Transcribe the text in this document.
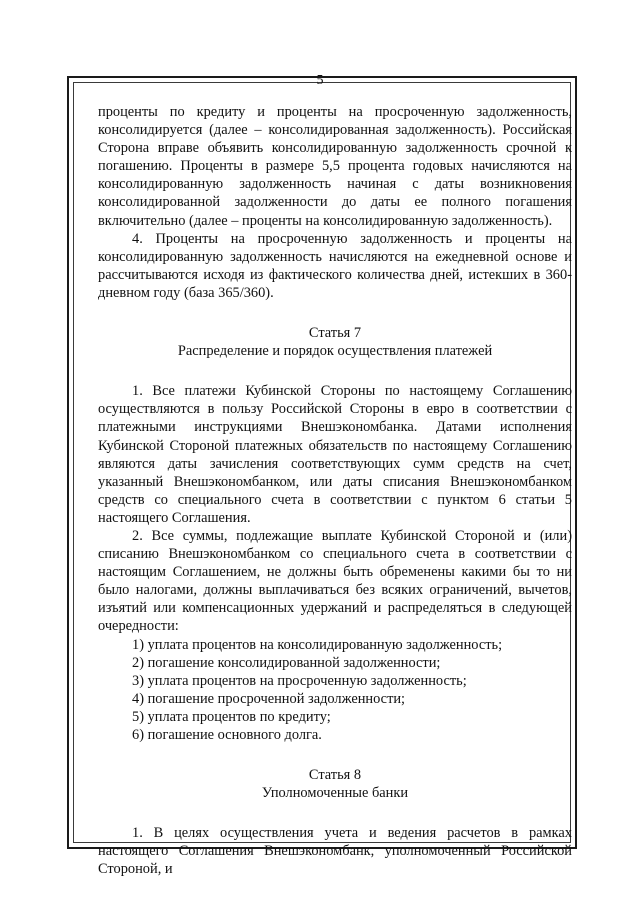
5

проценты по кредиту и проценты на просроченную задолженность, консолидируется (далее – консолидированная задолженность). Российская Сторона вправе объявить консолидированную задолженность срочной к погашению. Проценты в размере 5,5 процента годовых начисляются на консолидированную задолженность начиная с даты возникновения консолидированной задолженности до даты ее полного погашения включительно (далее – проценты на консолидированную задолженность).

4. Проценты на просроченную задолженность и проценты на консолидированную задолженность начисляются на ежедневной основе и рассчитываются исходя из фактического количества дней, истекших в 360-дневном году (база 365/360).

Статья 7

Распределение и порядок осуществления платежей

1. Все платежи Кубинской Стороны по настоящему Соглашению осуществляются в пользу Российской Стороны в евро в соответствии с платежными инструкциями Внешэкономбанка. Датами исполнения Кубинской Стороной платежных обязательств по настоящему Соглашению являются даты зачисления соответствующих сумм средств на счет, указанный Внешэкономбанком, или даты списания Внешэкономбанком средств со специального счета в соответствии с пунктом 6 статьи 5 настоящего Соглашения.

2. Все суммы, подлежащие выплате Кубинской Стороной и (или) списанию Внешэкономбанком со специального счета в соответствии с настоящим Соглашением, не должны быть обременены какими бы то ни было налогами, должны выплачиваться без всяких ограничений, вычетов, изъятий или компенсационных удержаний и распределяться в следующей очередности:

1) уплата процентов на консолидированную задолженность;

2) погашение консолидированной задолженности;

3) уплата процентов на просроченную задолженность;

4) погашение просроченной задолженности;

5) уплата процентов по кредиту;

6) погашение основного долга.

Статья 8

Уполномоченные банки

1. В целях осуществления учета и ведения расчетов в рамках настоящего Соглашения Внешэкономбанк, уполномоченный Российской Стороной, и
